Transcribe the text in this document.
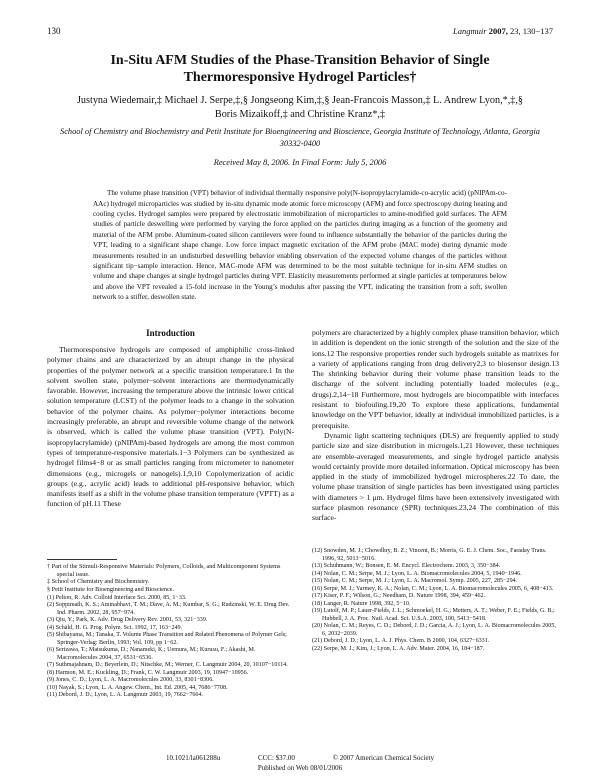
130	Langmuir 2007, 23, 130−137
In-Situ AFM Studies of the Phase-Transition Behavior of Single Thermoresponsive Hydrogel Particles†
Justyna Wiedemair,‡ Michael J. Serpe,‡,§ Jongseong Kim,‡,§ Jean-Francois Masson,‡ L. Andrew Lyon,*,‡,§ Boris Mizaikoff,‡ and Christine Kranz*,‡
School of Chemistry and Biochemistry and Petit Institute for Bioengineering and Bioscience, Georgia Institute of Technology, Atlanta, Georgia 30332-0400
Received May 8, 2006. In Final Form: July 5, 2006

The volume phase transition (VPT) behavior of individual thermally responsive poly(N-isopropylacrylamide-co-acrylic acid) (pNIPAm-co-AAc) hydrogel microparticles was studied by in-situ dynamic mode atomic force microscopy (AFM) and force spectroscopy during heating and cooling cycles. Hydrogel samples were prepared by electrostatic immobilization of microparticles to amine-modified gold surfaces. The AFM studies of particle deswelling were performed by varying the force applied on the particles during imaging as a function of the geometry and material of the AFM probe. Aluminum-coated silicon cantilevers were found to influence substantially the behavior of the particles during the VPT, leading to a significant shape change. Low force impact magnetic excitation of the AFM probe (MAC mode) during dynamic mode measurements resulted in an undisturbed deswelling behavior enabling observation of the expected volume changes of the particles without significant tip−sample interaction. Hence, MAC-mode AFM was determined to be the most suitable technique for in-situ AFM studies on volume and shape changes at single hydrogel particles during VPT. Elasticity measurements performed at single particles at temperatures below and above the VPT revealed a 15-fold increase in the Young’s modulus after passing the VPT, indicating the transition from a soft, swollen network to a stiffer, deswollen state.

Introduction

Thermoresponsive hydrogels are composed of amphiphilic cross-linked polymer chains and are characterized by an abrupt change in the physical properties of the polymer network at a specific transition temperature.1 In the solvent swollen state, polymer−solvent interactions are thermodynamically favorable. However, increasing the temperature above the intrinsic lower critical solution temperature (LCST) of the polymer leads to a change in the solvation behavior of the polymer chains. As polymer−polymer interactions become increasingly preferable, an abrupt and reversible volume change of the network is observed, which is called the volume phase transition (VPT). Poly(N-isopropylacrylamide) (pNIPAm)-based hydrogels are among the most common types of temperature-responsive materials.1−3 Polymers can be synthesized as hydrogel films4−8 or as small particles ranging from micrometer to nanometer dimensions (e.g., microgels or nanogels).1,9,10 Copolymerization of acidic groups (e.g., acrylic acid) leads to additional pH-responsive behavior, which manifests itself as a shift in the volume phase transition temperature (VPTT) as a function of pH.11 These

† Part of the Stimuli-Responsive Materials: Polymers, Colloids, and Multicomponent Systems special issue.

‡ School of Chemistry and Biochemistry.

§ Petit Institute for Bioengineering and Bioscience.

(1) Pelton, R. Adv. Colloid Interface Sci. 2000, 85, 1−33.

(2) Soppimath, K. S.; Aminabhavi, T. M.; Dave, A. M.; Kumbar, S. G.; Rudzinski, W. E. Drug Dev. Ind. Pharm. 2002, 28, 957−974.

(3) Qiu, Y.; Park, K. Adv. Drug Delivery Rev. 2001, 53, 321−339.

(4) Schäld, H. G. Prog. Polym. Sci. 1992, 17, 163−249.

(5) Shibayama, M.; Tanaka, T. Volume Phase Transition and Related Phenomena of Polymer Gels; Springer-Verlag: Berlin, 1993; Vol. 109, pp 1−62.

(6) Serizawa, T.; Matsukuma, D.; Nanameki, K.; Uemura, M.; Kurusu, F.; Akashi, M. Macromolecules 2004, 37, 6531−6536.

(7) Suthmajahnam, D.; Beyerlein, D.; Nitschke, M.; Werner, C. Langmuir 2004, 20, 10107−10114.

(8) Harmon, M. E.; Kuckling, D.; Frank, C. W. Langmuir 2003, 19, 10947−10956.

(9) Jones, C. D.; Lyon, L. A. Macromolecules 2000, 33, 8301−8306.

(10) Nayak, S.; Lyon, L. A. Angew. Chem., Int. Ed. 2005, 44, 7686−7708.

(11) Debord, J. D.; Lyon, L. A. Langmuir 2003, 19, 7662−7664.

polymers are characterized by a highly complex phase transition behavior, which in addition is dependent on the ionic strength of the solution and the size of the ions.12 The responsive properties render such hydrogels suitable as matrixes for a variety of applications ranging from drug delivery2,3 to biosensor design.13 The shrinking behavior during their volume phase transition leads to the discharge of the solvent including potentially loaded molecules (e.g., drugs).2,14−18 Furthermore, most hydrogels are biocompatible with interfaces resistant to biofouling.19,20 To explore these applications, fundamental knowledge on the VPT behavior, ideally at individual immobilized particles, is a prerequisite.

Dynamic light scattering techniques (DLS) are frequently applied to study particle size and size distribution in microgels.1,21 However, these techniques are ensemble-averaged measurements, and single hydrogel particle analysis would certainly provide more detailed information. Optical microscopy has been applied in the study of immobilized hydrogel microspheres.22 To date, the volume phase transition of single particles has been investigated using particles with diameters > 1 μm. Hydrogel films have been extensively investigated with surface plasmon resonance (SPR) techniques.23,24 The combination of this surface-

(12) Snowden, M. J.; Chowdhry, B. Z.; Vincent, B.; Morris, G. E. J. Chem. Soc., Faraday Trans. 1996, 92, 5013−5016.

(13) Schuhmann, W.; Bonsen, E. M. Encycl. Electrochem. 2003, 3, 350−384.

(14) Nolan, C. M.; Serpe, M. J.; Lyon, L. A. Biomacromolecules 2004, 5, 1940−1946.

(15) Nolan, C. M.; Serpe, M. J.; Lyon, L. A. Macromol. Symp. 2005, 227, 285−294.

(16) Serpe, M. J.; Yarmey, K. A.; Nolan, C. M.; Lyon, L. A. Biomacromolecules 2005, 6, 408−413.

(17) Kiser, P. F.; Wilson, G.; Needham, D. Nature 1998, 394, 459−462.

(18) Langer, R. Nature 1998, 392, 5−10.

(19) Lutolf, M. P.; Lauer-Fields, J. L.; Schmoekel, H. G.; Metters, A. T.; Weber, F. E.; Fields, G. B.; Hubbell, J. A. Proc. Natl. Acad. Sci. U.S.A. 2003, 100, 5413−5418.

(20) Nolan, C. M.; Reyes, C. D.; Debord, J. D.; Garcia, A. J.; Lyon, L. A. Biomacromolecules 2005, 6, 2032−2039.

(21) Debord, J. D.; Lyon, L. A. J. Phys. Chem. B 2000, 104, 6327−6331.

(22) Serpe, M. J.; Kim, J.; Lyon, L. A. Adv. Mater. 2004, 16, 184−187.

10.1021/la061288u	CCC: $37.00	© 2007 American Chemical Society
Published on Web 08/01/2006
